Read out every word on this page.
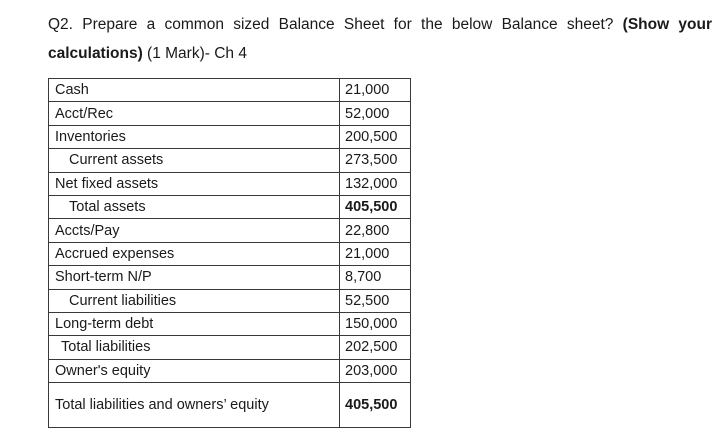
Q2. Prepare a common sized Balance Sheet for the below Balance sheet? (Show your calculations) (1 Mark)- Ch 4
Cash	21,000
Acct/Rec	52,000
Inventories	200,500
Current assets	273,500
Net fixed assets	132,000
Total assets	405,500
Accts/Pay	22,800
Accrued expenses	21,000
Short-term N/P	8,700
Current liabilities	52,500
Long-term debt	150,000
Total liabilities	202,500
Owner's equity	203,000
Total liabilities and owners’ equity	405,500
